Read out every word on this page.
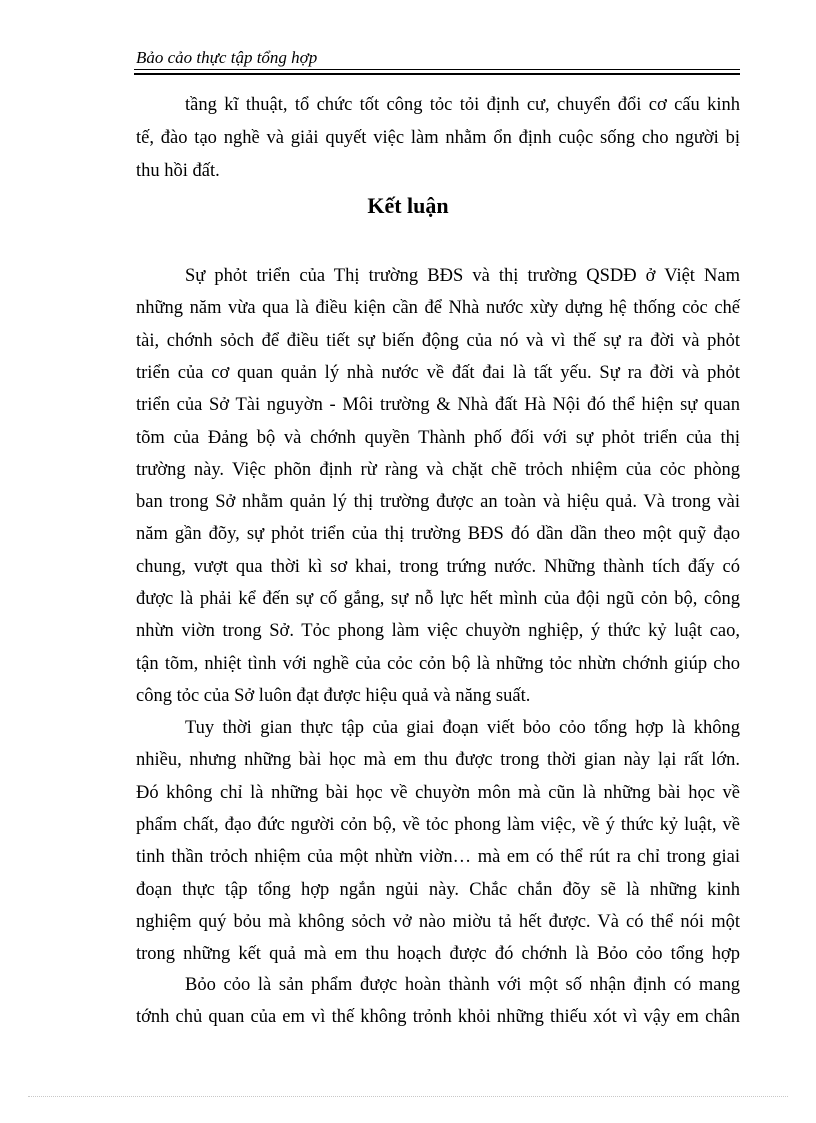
Bảo cảo thực tập tổng hợp
tầng kĩ thuật, tổ chức tốt công tỏc tỏi định cư, chuyển đổi cơ cấu kinh
tế, đào tạo nghề và giải quyết việc làm nhằm ổn định cuộc sống cho người bị
thu hồi đất.
Kết luận
Sự phỏt triển của Thị trường BĐS và thị trường QSDĐ ở Việt Nam
những năm vừa qua là điều kiện cần để Nhà nước xừy dựng hệ thống cỏc chế
tài, chớnh sỏch để điều tiết sự biến động của nó và vì thế sự ra đời và phỏt
triển của cơ quan quản lý nhà nước về đất đai là tất yếu. Sự ra đời và phỏt
triển của Sở Tài nguyờn - Môi trường & Nhà đất Hà Nội đó thể hiện sự quan
tõm của Đảng bộ và chớnh quyền Thành phố đối với sự phỏt triển của thị
trường này. Việc phõn định rừ ràng và chặt chẽ trỏch nhiệm của cỏc phòng
ban trong Sở nhằm quản lý thị trường được an toàn và hiệu quả. Và trong vài
năm gần đõy, sự phỏt triển của thị trường BĐS đó dần dần theo một quỹ đạo
chung, vượt qua thời kì sơ khai, trong trứng nước. Những thành tích đấy có
được là phải kể đến sự cố gắng, sự nỗ lực hết mình của đội ngũ cỏn bộ, công
nhừn viờn trong Sở. Tỏc phong làm việc chuyờn nghiệp, ý thức kỷ luật cao,
tận tõm, nhiệt tình với nghề của cỏc cỏn bộ là những tỏc nhừn chớnh giúp cho
công tỏc của Sở luôn đạt được hiệu quả và năng suất.
Tuy thời gian thực tập của giai đoạn viết bỏo cỏo tổng hợp là không
nhiều, nhưng những bài học mà em thu được trong thời gian này lại rất lớn.
Đó không chỉ là những bài học về chuyờn môn mà cũn là những bài học về
phẩm chất, đạo đức người cỏn bộ, về tỏc phong làm việc, về ý thức kỷ luật, về
tinh thần trỏch nhiệm của một nhừn viờn… mà em có thể rút ra chỉ trong giai
đoạn thực tập tổng hợp ngắn ngủi này. Chắc chắn đõy sẽ là những kinh
nghiệm quý bỏu mà không sỏch vở nào miờu tả hết được. Và có thể nói một
trong những kết quả mà em thu hoạch được đó chớnh là Bỏo cỏo tổng hợp
Bỏo cỏo là sản phẩm được hoàn thành với một số nhận định có mang
tớnh chủ quan của em vì thế không trỏnh khỏi những thiếu xót vì vậy em chân
